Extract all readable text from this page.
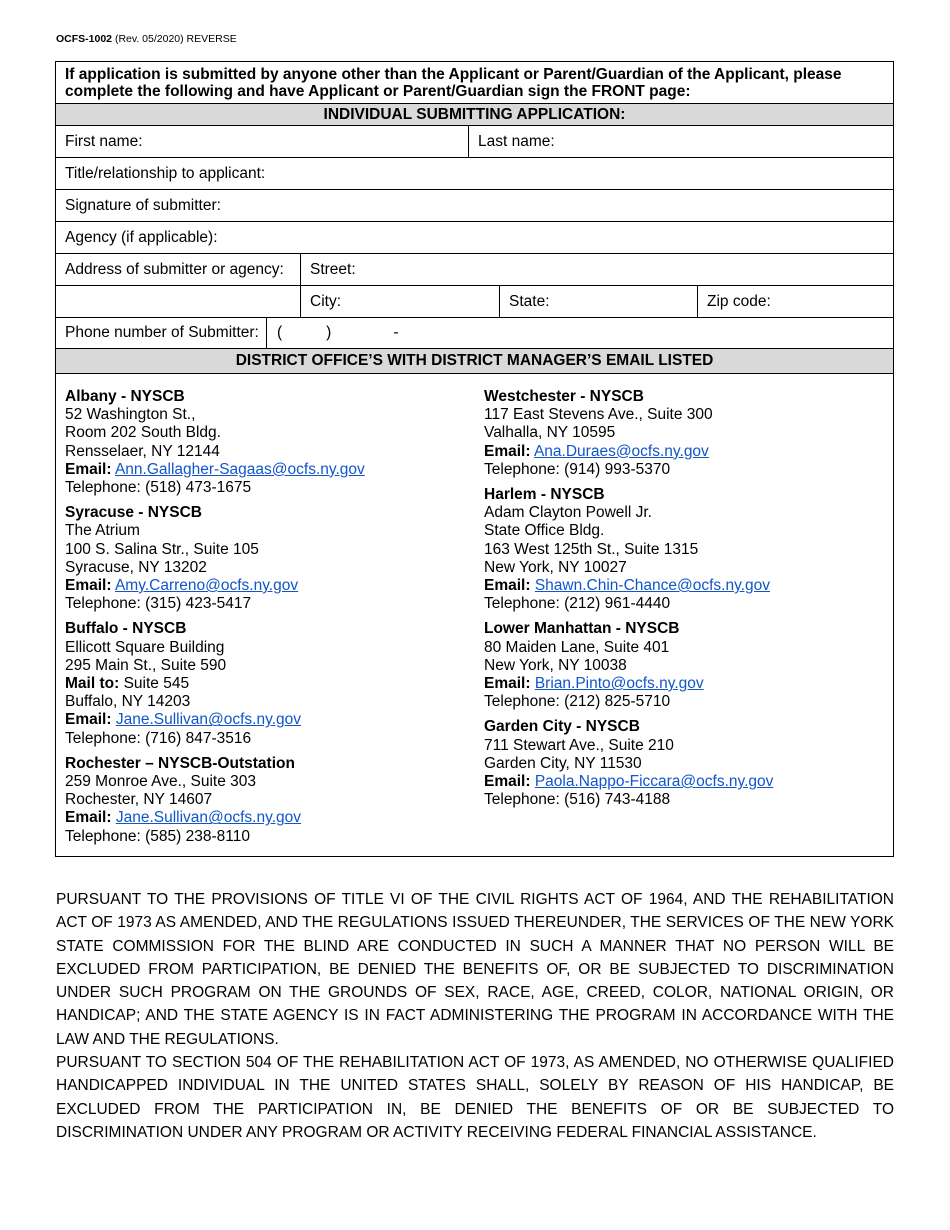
OCFS-1002 (Rev. 05/2020) REVERSE
If application is submitted by anyone other than the Applicant or Parent/Guardian of the Applicant, please complete the following and have Applicant or Parent/Guardian sign the FRONT page:
INDIVIDUAL SUBMITTING APPLICATION:
First name:	Last name:
Title/relationship to applicant:
Signature of submitter:
Agency (if applicable):
Address of submitter or agency: Street:
City:	State:	Zip code:
Phone number of Submitter: (	)	-
DISTRICT OFFICE’S WITH DISTRICT MANAGER’S EMAIL LISTED
Albany - NYSCB
52 Washington St.,
Room 202 South Bldg.
Rensselaer, NY 12144
Email: Ann.Gallagher-Sagaas@ocfs.ny.gov
Telephone: (518) 473-1675
Syracuse - NYSCB
The Atrium
100 S. Salina Str., Suite 105
Syracuse, NY 13202
Email: Amy.Carreno@ocfs.ny.gov
Telephone: (315) 423-5417
Buffalo - NYSCB
Ellicott Square Building
295 Main St., Suite 590
Mail to: Suite 545
Buffalo, NY 14203
Email: Jane.Sullivan@ocfs.ny.gov
Telephone: (716) 847-3516
Rochester – NYSCB-Outstation
259 Monroe Ave., Suite 303
Rochester, NY 14607
Email: Jane.Sullivan@ocfs.ny.gov
Telephone: (585) 238-8110
Westchester - NYSCB
117 East Stevens Ave., Suite 300
Valhalla, NY 10595
Email: Ana.Duraes@ocfs.ny.gov
Telephone: (914) 993-5370
Harlem - NYSCB
Adam Clayton Powell Jr.
State Office Bldg.
163 West 125th St., Suite 1315
New York, NY 10027
Email: Shawn.Chin-Chance@ocfs.ny.gov
Telephone: (212) 961-4440
Lower Manhattan - NYSCB
80 Maiden Lane, Suite 401
New York, NY 10038
Email: Brian.Pinto@ocfs.ny.gov
Telephone: (212) 825-5710
Garden City - NYSCB
711 Stewart Ave., Suite 210
Garden City, NY 11530
Email: Paola.Nappo-Ficcara@ocfs.ny.gov
Telephone: (516) 743-4188

PURSUANT TO THE PROVISIONS OF TITLE VI OF THE CIVIL RIGHTS ACT OF 1964, AND THE REHABILITATION ACT OF 1973 AS AMENDED, AND THE REGULATIONS ISSUED THEREUNDER, THE SERVICES OF THE NEW YORK STATE COMMISSION FOR THE BLIND ARE CONDUCTED IN SUCH A MANNER THAT NO PERSON WILL BE EXCLUDED FROM PARTICIPATION, BE DENIED THE BENEFITS OF, OR BE SUBJECTED TO DISCRIMINATION UNDER SUCH PROGRAM ON THE GROUNDS OF SEX, RACE, AGE, CREED, COLOR, NATIONAL ORIGIN, OR HANDICAP; AND THE STATE AGENCY IS IN FACT ADMINISTERING THE PROGRAM IN ACCORDANCE WITH THE LAW AND THE REGULATIONS.

PURSUANT TO SECTION 504 OF THE REHABILITATION ACT OF 1973, AS AMENDED, NO OTHERWISE QUALIFIED HANDICAPPED INDIVIDUAL IN THE UNITED STATES SHALL, SOLELY BY REASON OF HIS HANDICAP, BE EXCLUDED FROM THE PARTICIPATION IN, BE DENIED THE BENEFITS OF OR BE SUBJECTED TO DISCRIMINATION UNDER ANY PROGRAM OR ACTIVITY RECEIVING FEDERAL FINANCIAL ASSISTANCE.
